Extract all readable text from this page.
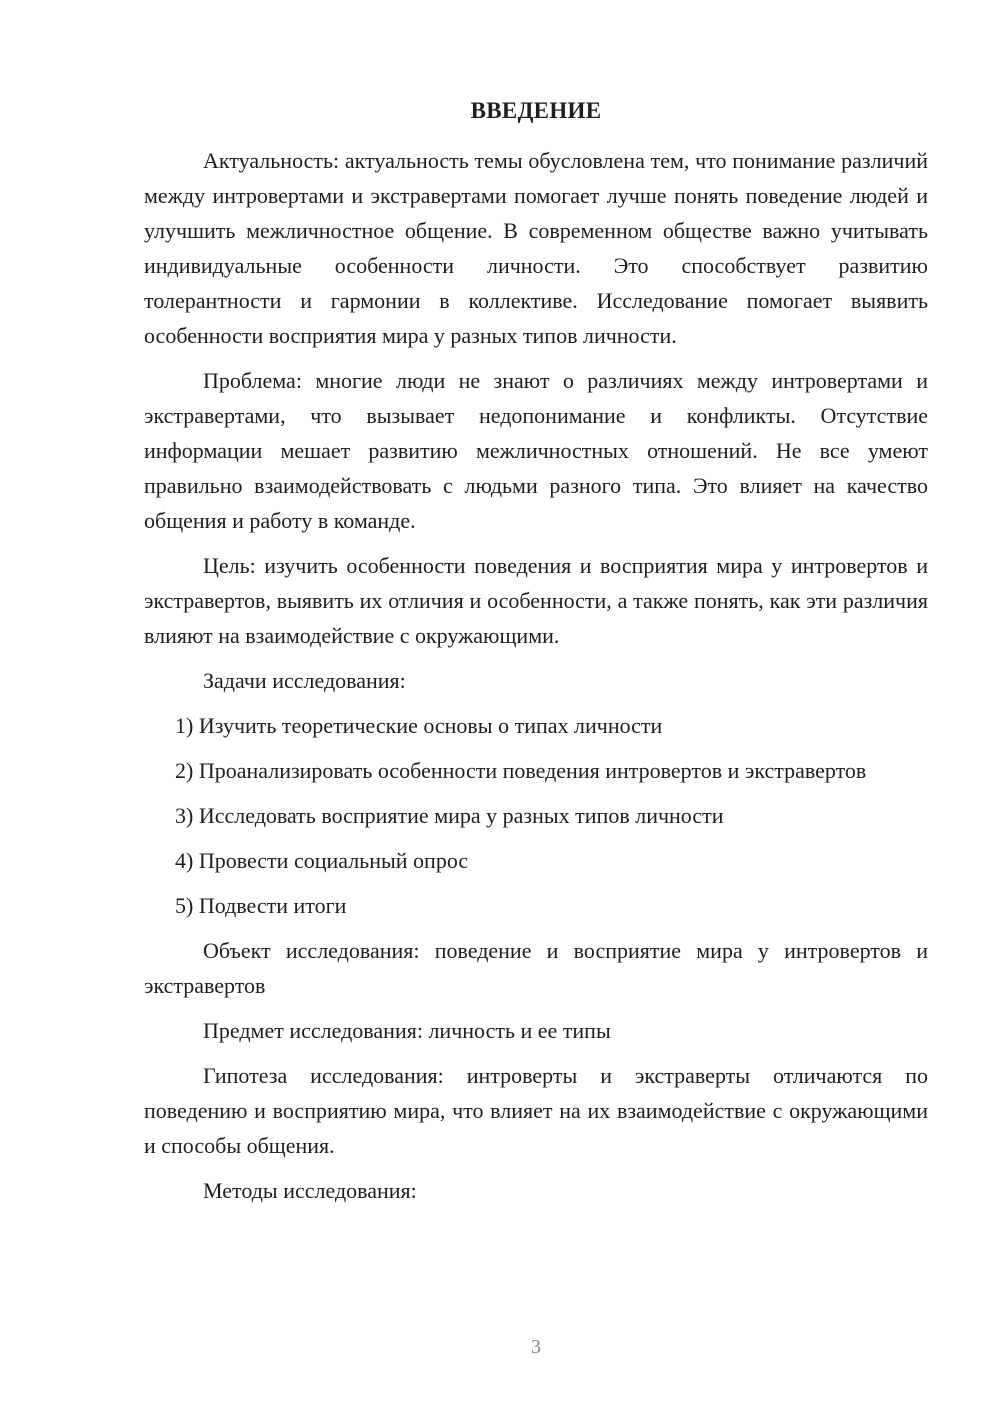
ВВЕДЕНИЕ

Актуальность: актуальность темы обусловлена тем, что понимание различий между интровертами и экстравертами помогает лучше понять поведение людей и улучшить межличностное общение. В современном обществе важно учитывать индивидуальные особенности личности. Это способствует развитию толерантности и гармонии в коллективе. Исследование помогает выявить особенности восприятия мира у разных типов личности.

Проблема: многие люди не знают о различиях между интровертами и экстравертами, что вызывает недопонимание и конфликты. Отсутствие информации мешает развитию межличностных отношений. Не все умеют правильно взаимодействовать с людьми разного типа. Это влияет на качество общения и работу в команде.

Цель: изучить особенности поведения и восприятия мира у интровертов и экстравертов, выявить их отличия и особенности, а также понять, как эти различия влияют на взаимодействие с окружающими.

Задачи исследования:

1) Изучить теоретические основы о типах личности

2) Проанализировать особенности поведения интровертов и экстравертов

3) Исследовать восприятие мира у разных типов личности

4) Провести социальный опрос

5) Подвести итоги

Объект исследования: поведение и восприятие мира у интровертов и экстравертов

Предмет исследования: личность и ее типы

Гипотеза исследования: интроверты и экстраверты отличаются по поведению и восприятию мира, что влияет на их взаимодействие с окружающими и способы общения.

Методы исследования:

3
